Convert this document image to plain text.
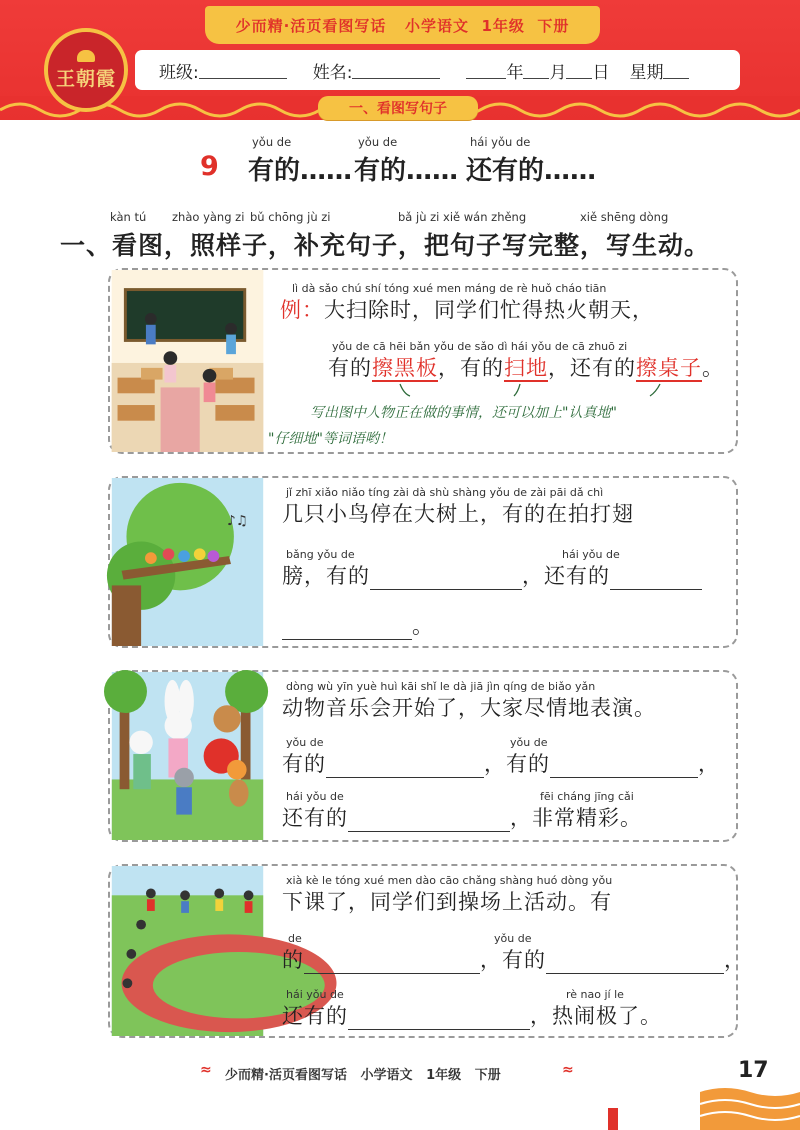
少而精·活页看图写话
小学语文
1年级
下册
王朝霞	班级:	姓名:	年 月 日 星期
一、看图写句子
9
yǒu de	yǒu de	hái yǒu de
有的…… 有的…… 还有的……
kàn tú zhào yàng zi bǔ chōng jù zi	bǎ jù zi xiě wán zhěng	xiě shēng dòng
一、看图，照样子，补充句子，把句子写完整，写生动。
lì dà sǎo chú shí tóng xué men máng de rè huǒ cháo tiān
例：大扫除时，同学们忙得热火朝天，
yǒu de cā hēi bǎn yǒu de sǎo dì hái yǒu de cā zhuō zi
有的擦黑板，有的扫地，还有的擦桌子。
写出图中人物正在做的事情，还可以加上"认真地"
"仔细地"等词语哟！
♪♫
jǐ zhī xiǎo niǎo tíng zài dà shù shàng yǒu de zài pāi dǎ chì
几只小鸟停在大树上，有的在拍打翅
bǎng yǒu de	hái yǒu de
膀，有的	，还有的
。
dòng wù yīn yuè huì kāi shǐ le dà jiā jìn qíng de biǎo yǎn
动物音乐会开始了，大家尽情地表演。
yǒu de	yǒu de
有的	，有的	，
hái yǒu de	fēi cháng jīng cǎi
还有的	，非常精彩。
xià kè le tóng xué men dào cāo chǎng shàng huó dòng yǒu
下课了，同学们到操场上活动。有
de	yǒu de
的	，有的	，
hái yǒu de	rè nao jí le
还有的	，热闹极了。
≈ 少而精·活页看图写话   小学语文   1年级   下册	≈	17
